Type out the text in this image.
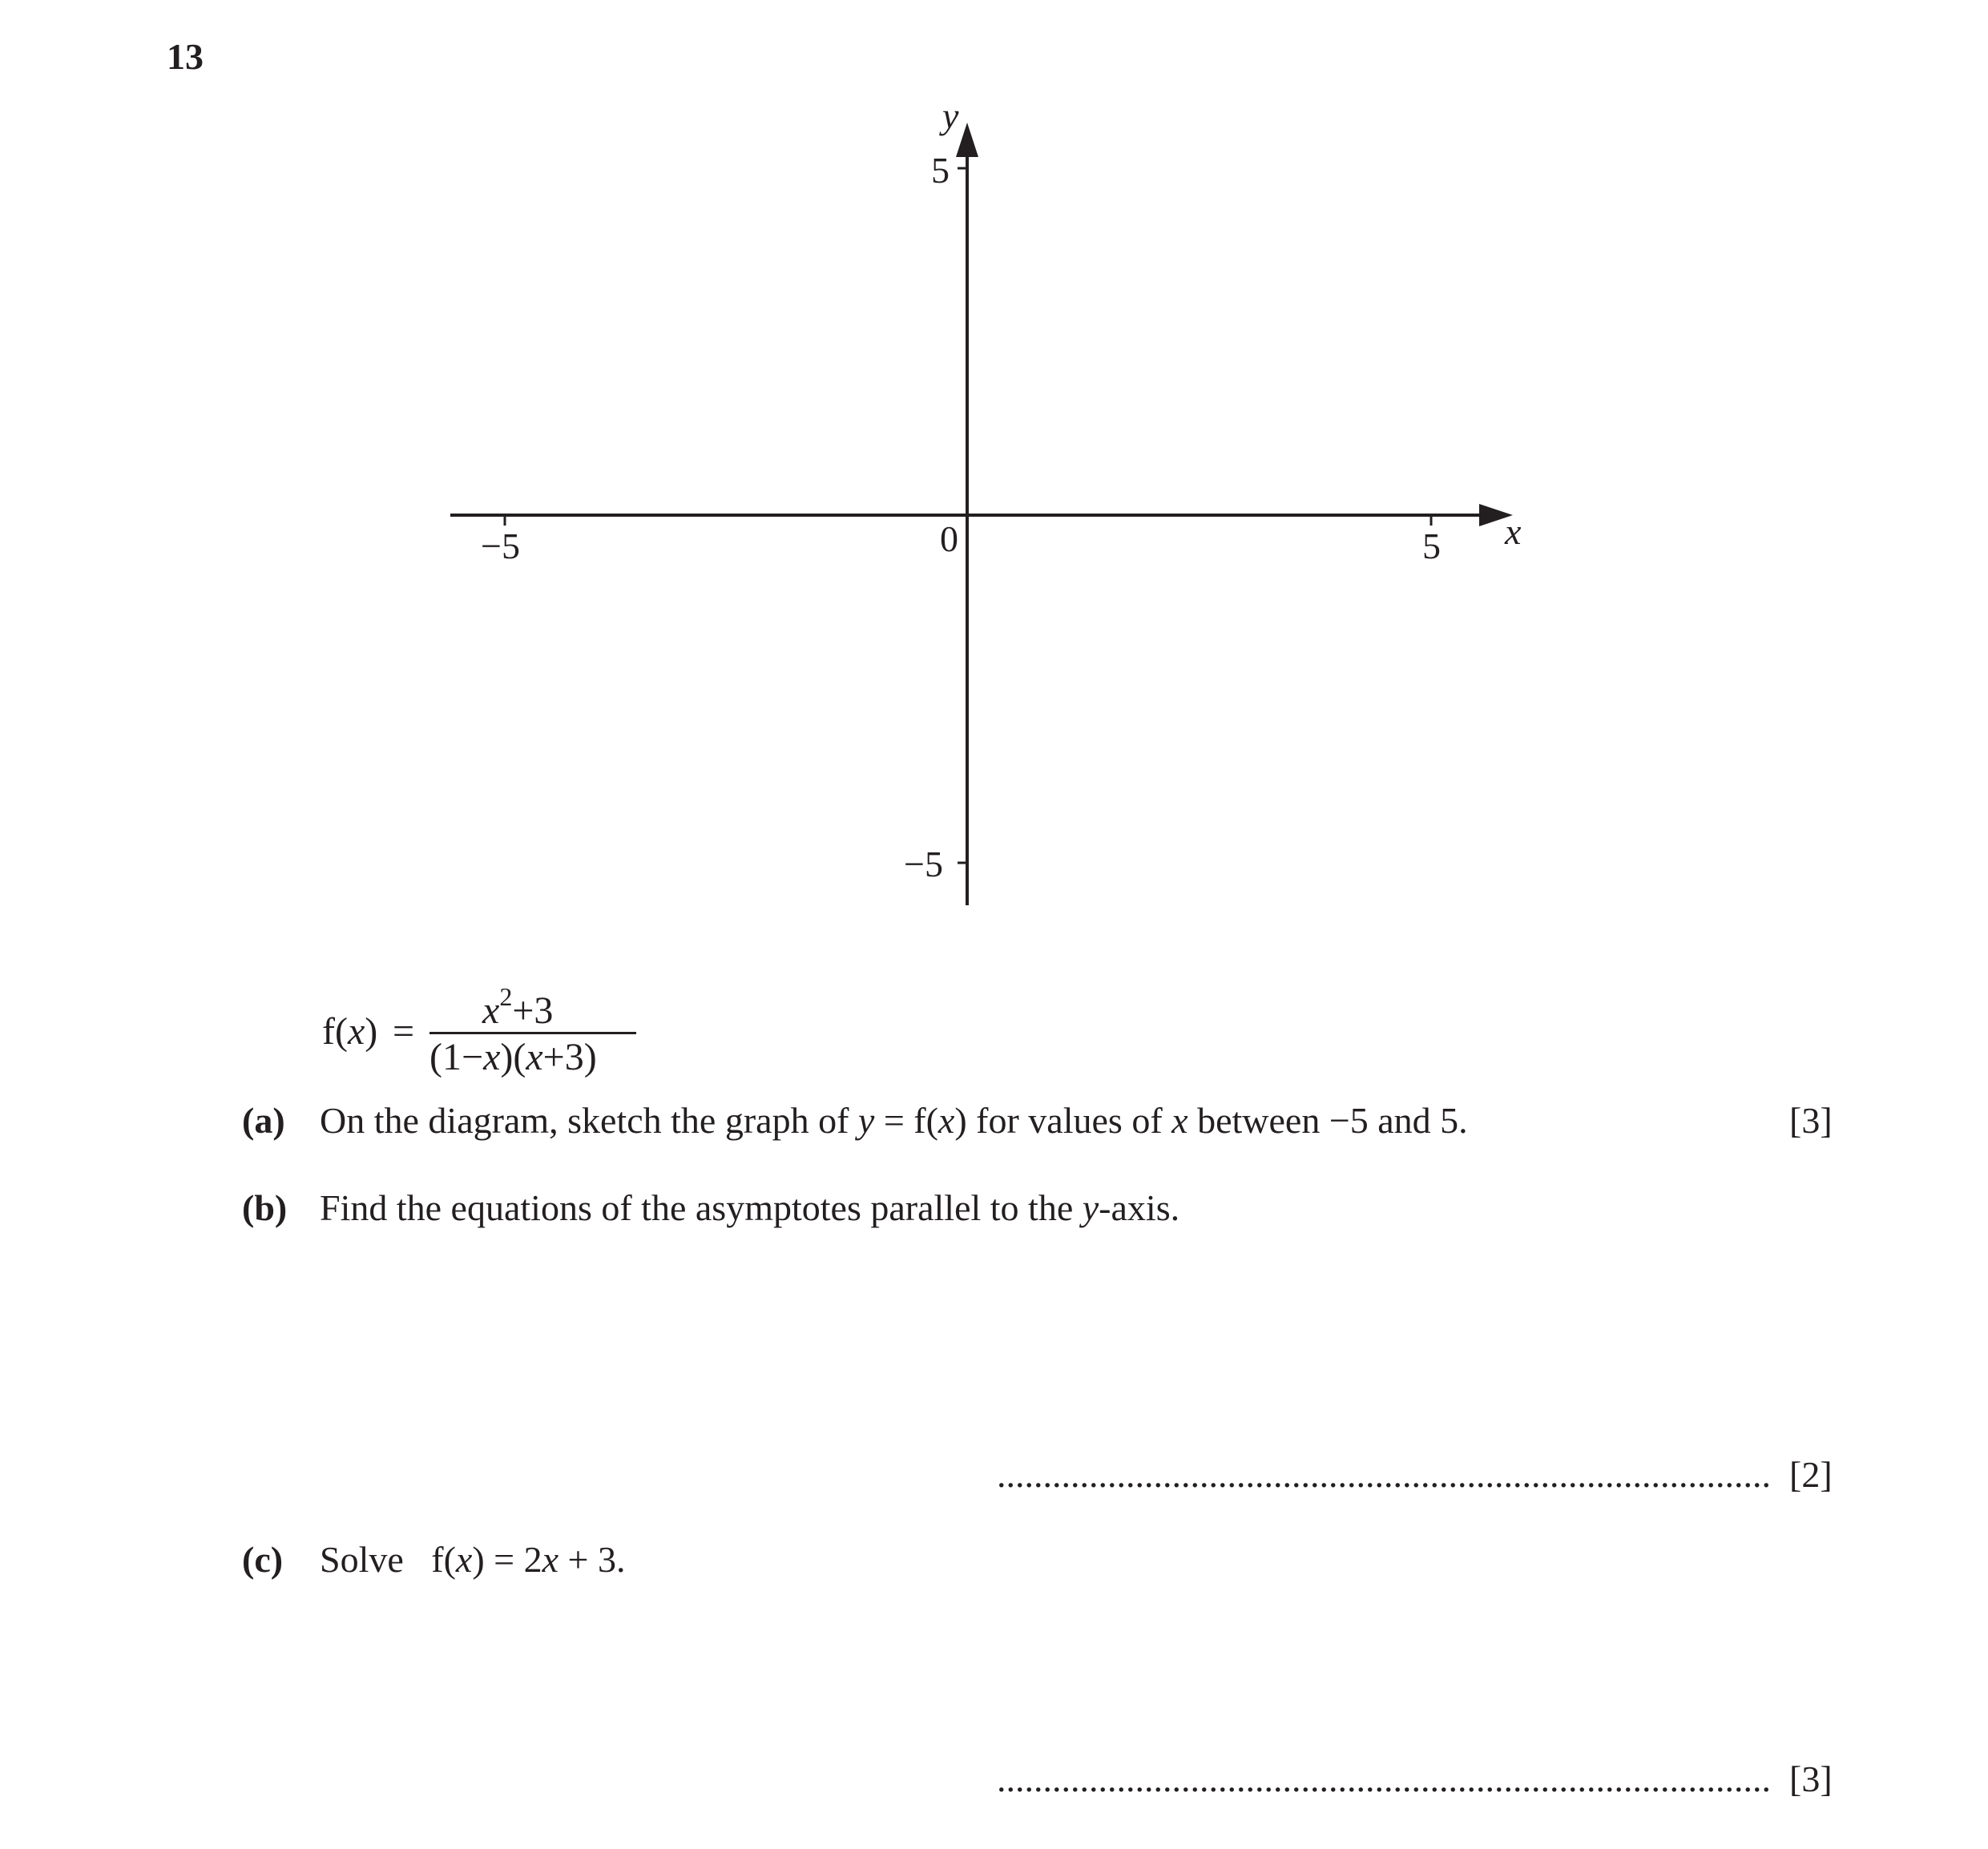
13
−5	5
0
5
−5
x
y
$f(x) = x^2+3$
(1−x)(x+3)
(a) On the diagram, sketch the graph of y = f(x) for values of x between −5 and 5.	[3]
(b) Find the equations of the asymptotes parallel to the y-axis.
.................................................................................... [2]
(c) Solve   f(x) = 2x + 3.
.................................................................................... [3]
